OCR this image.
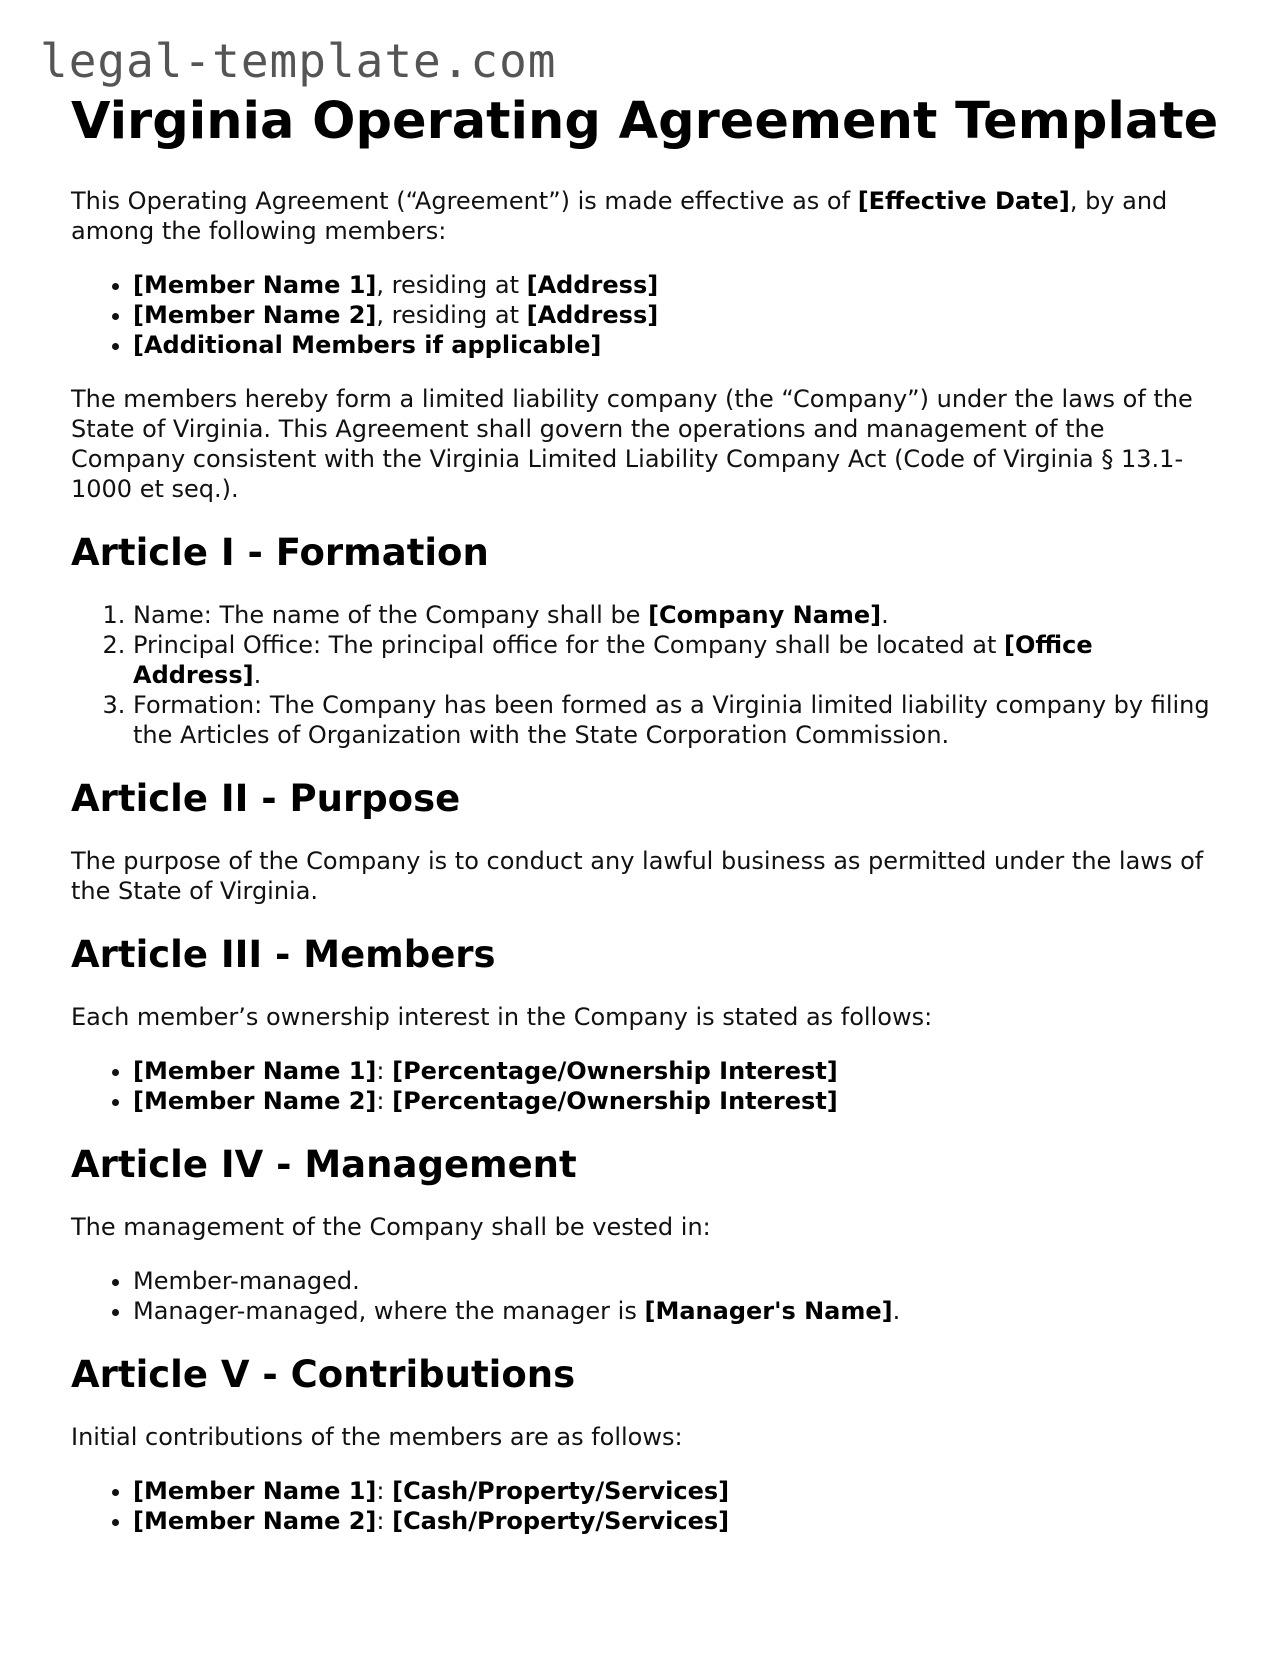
legal-template.com
Virginia Operating Agreement Template

This Operating Agreement (“Agreement”) is made effective as of [Effective Date], by and among the following members:

• [Member Name 1], residing at [Address]
• [Member Name 2], residing at [Address]
• [Additional Members if applicable]

The members hereby form a limited liability company (the “Company”) under the laws of the State of Virginia. This Agreement shall govern the operations and management of the Company consistent with the Virginia Limited Liability Company Act (Code of Virginia § 13.1-1000 et seq.).

Article I - Formation
1. Name: The name of the Company shall be [Company Name].
2. Principal Office: The principal office for the Company shall be located at [Office Address].
3. Formation: The Company has been formed as a Virginia limited liability company by filing the Articles of Organization with the State Corporation Commission.
Article II - Purpose

The purpose of the Company is to conduct any lawful business as permitted under the laws of the State of Virginia.

Article III - Members

Each member’s ownership interest in the Company is stated as follows:

• [Member Name 1]: [Percentage/Ownership Interest]
• [Member Name 2]: [Percentage/Ownership Interest]
Article IV - Management

The management of the Company shall be vested in:

• Member-managed.
• Manager-managed, where the manager is [Manager's Name].
Article V - Contributions

Initial contributions of the members are as follows:

• [Member Name 1]: [Cash/Property/Services]
• [Member Name 2]: [Cash/Property/Services]
